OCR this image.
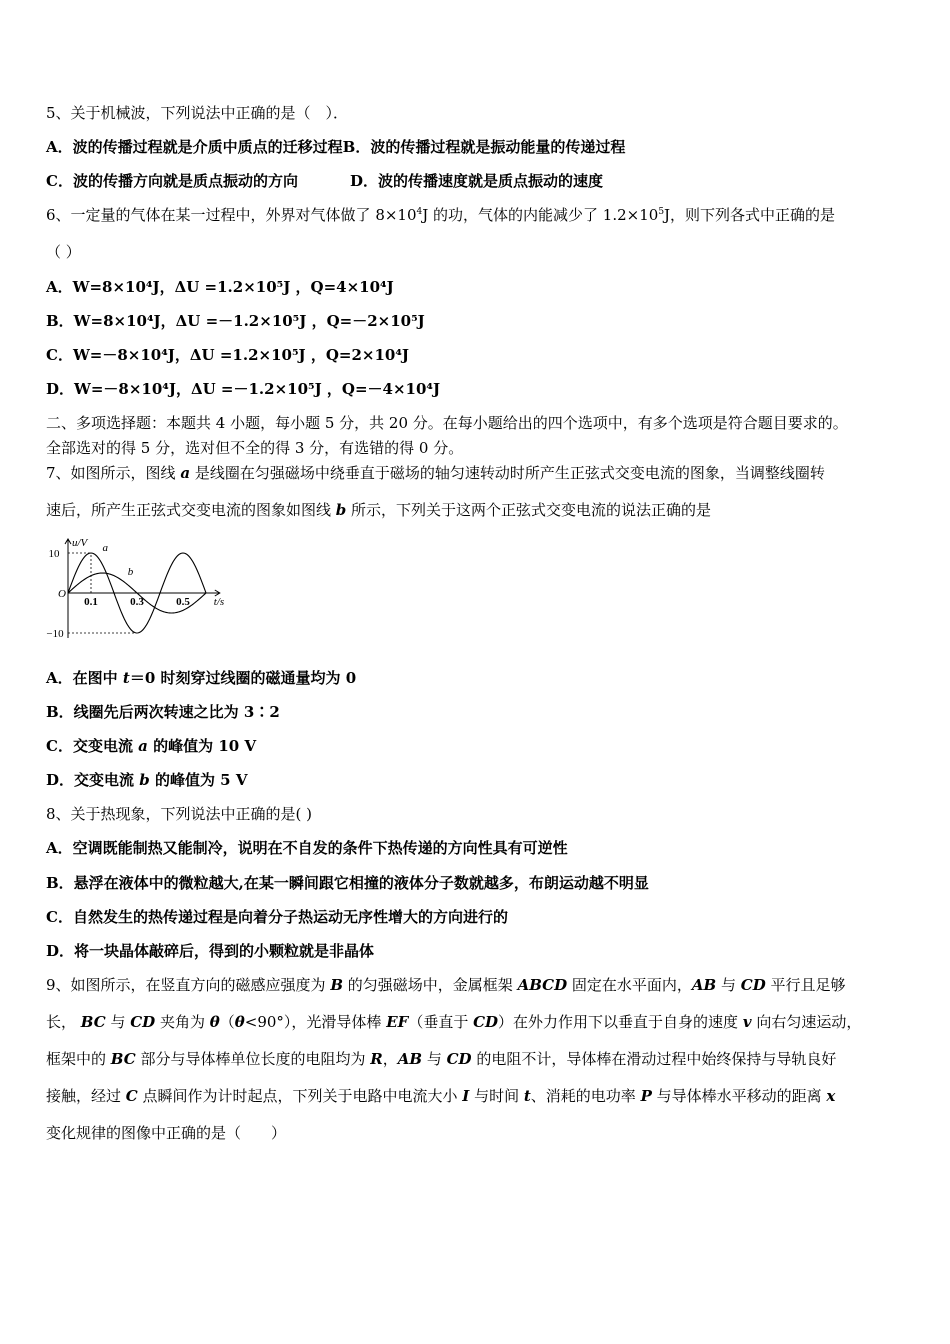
5、关于机械波，下列说法中正确的是（　）．
A．波的传播过程就是介质中质点的迁移过程B．波的传播过程就是振动能量的传递过程
C．波的传播方向就是质点振动的方向	D．波的传播速度就是质点振动的速度
6、一定量的气体在某一过程中，外界对气体做了 $8\times 10^4J$ 的功，气体的内能减少了 $1.2\times 10^5J$，则下列各式中正确的是
（ ）
A．W=8×10⁴J，ΔU =1.2×10⁵J ，Q=4×10⁴J
B．W=8×10⁴J，ΔU =－1.2×10⁵J ，Q=－2×10⁵J
C．W=－8×10⁴J，ΔU =1.2×10⁵J ，Q=2×10⁴J
D．W=－8×10⁴J，ΔU =－1.2×10⁵J ，Q=－4×10⁴J
二、多项选择题：本题共 4 小题，每小题 5 分，共 20 分。在每小题给出的四个选项中，有多个选项是符合题目要求的。
全部选对的得 5 分，选对但不全的得 3 分，有选错的得 0 分。
7、如图所示，图线 a 是线圈在匀强磁场中绕垂直于磁场的轴匀速转动时所产生正弦式交变电流的图象，当调整线圈转
速后，所产生正弦式交变电流的图象如图线 b 所示，下列关于这两个正弦式交变电流的说法正确的是
a
b
10
−10
O
0.1	0.3	0.5 t/s
u/V
A．在图中 t＝0 时刻穿过线圈的磁通量均为 0
B．线圈先后两次转速之比为 3∶2
C．交变电流 a 的峰值为 10 V
D．交变电流 b 的峰值为 5 V
8、关于热现象，下列说法中正确的是( )
A．空调既能制热又能制冷，说明在不自发的条件下热传递的方向性具有可逆性
B．悬浮在液体中的微粒越大,在某一瞬间跟它相撞的液体分子数就越多，布朗运动越不明显
C．自然发生的热传递过程是向着分子热运动无序性增大的方向进行的
D．将一块晶体敲碎后，得到的小颗粒就是非晶体
9、如图所示，在竖直方向的磁感应强度为 B 的匀强磁场中，金属框架 ABCD 固定在水平面内，AB 与 CD 平行且足够
长， BC 与 CD 夹角为 θ（θ<90°），光滑导体棒 EF（垂直于 CD）在外力作用下以垂直于自身的速度 v 向右匀速运动，
框架中的 BC 部分与导体棒单位长度的电阻均为 R，AB 与 CD 的电阻不计，导体棒在滑动过程中始终保持与导轨良好
接触，经过 C 点瞬间作为计时起点，下列关于电路中电流大小 I 与时间 t、消耗的电功率 P 与导体棒水平移动的距离 x
变化规律的图像中正确的是（　　）
